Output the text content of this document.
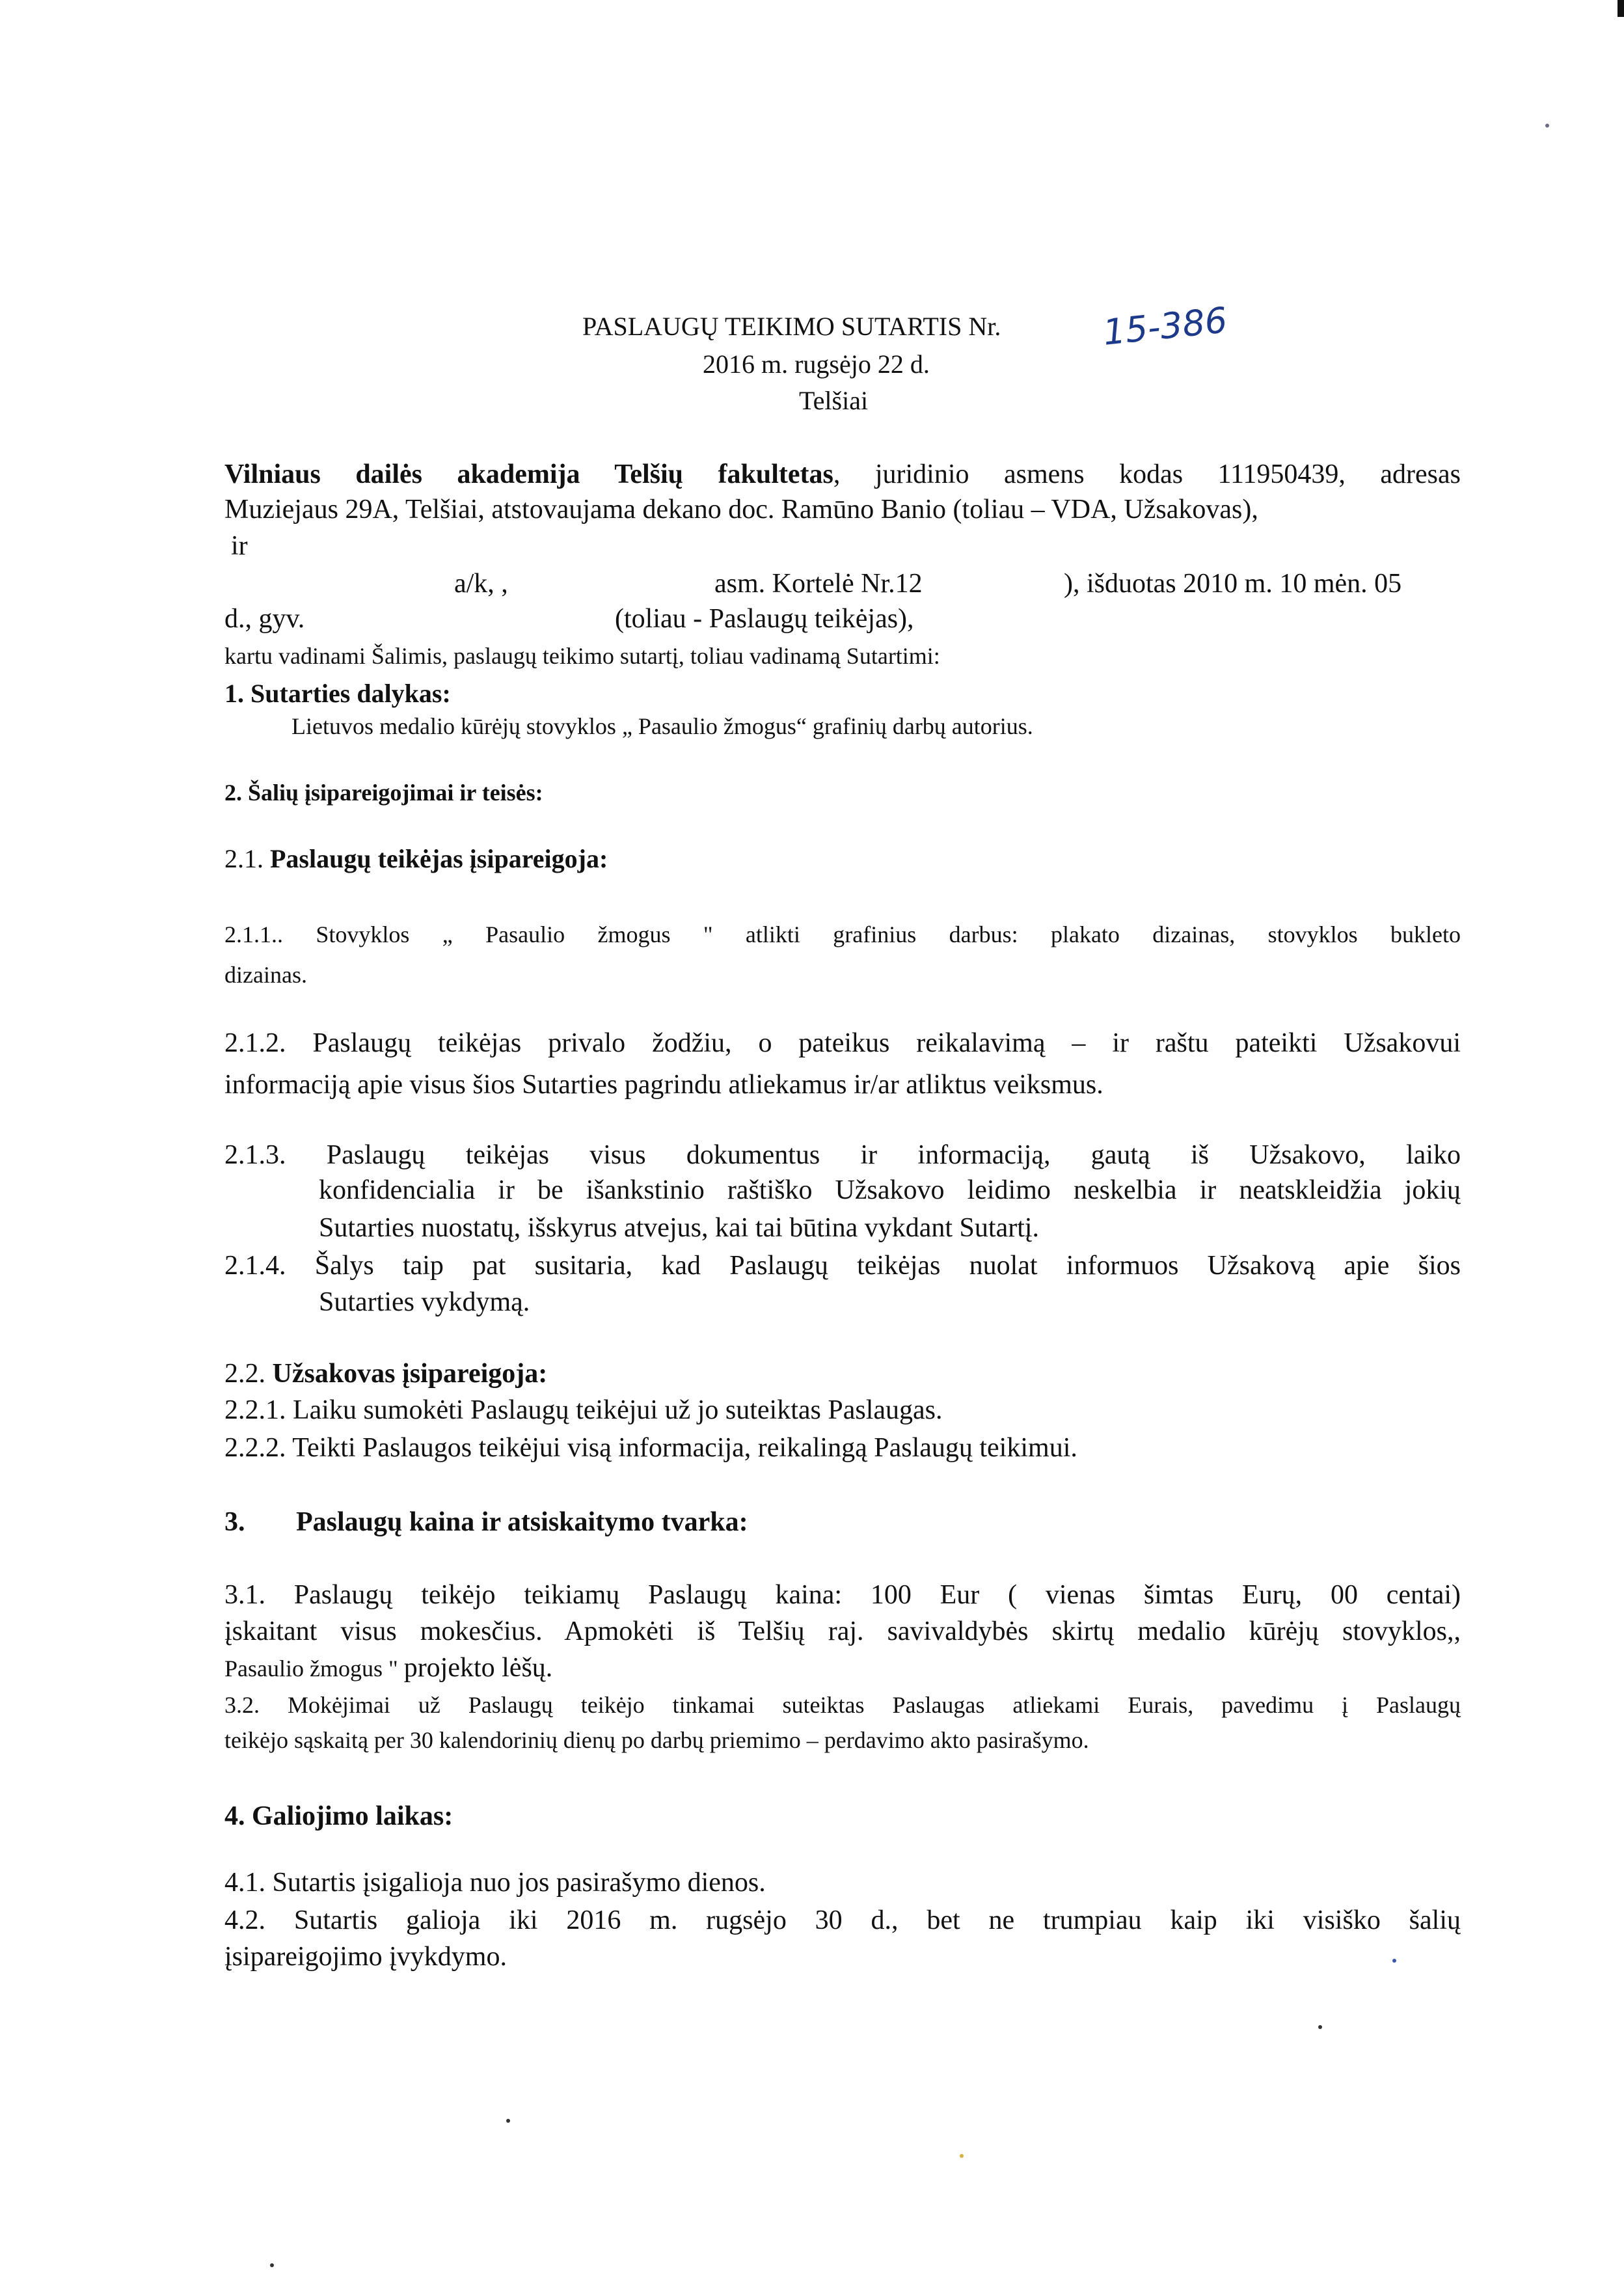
PASLAUGŲ TEIKIMO SUTARTIS Nr.	15-386
2016 m. rugsėjo 22 d.
Telšiai
Vilniaus dailės akademija Telšių fakultetas, juridinio asmens kodas 111950439, adresas
Muziejaus 29A, Telšiai, atstovaujama dekano doc. Ramūno Banio (toliau – VDA, Užsakovas),
ir
a/k, ,	asm. Kortelė Nr.12	), išduotas 2010 m. 10 mėn. 05
d., gyv.	(toliau - Paslaugų teikėjas),
kartu vadinami Šalimis, paslaugų teikimo sutartį, toliau vadinamą Sutartimi:
1. Sutarties dalykas:
Lietuvos medalio kūrėjų stovyklos „ Pasaulio žmogus“ grafinių darbų autorius.
2. Šalių įsipareigojimai ir teisės:
2.1. Paslaugų teikėjas įsipareigoja:
2.1.1.. Stovyklos „ Pasaulio žmogus " atlikti grafinius darbus: plakato dizainas, stovyklos bukleto
dizainas.
2.1.2. Paslaugų teikėjas privalo žodžiu, o pateikus reikalavimą – ir raštu pateikti Užsakovui
informaciją apie visus šios Sutarties pagrindu atliekamus ir/ar atliktus veiksmus.
2.1.3. Paslaugų teikėjas visus dokumentus ir informaciją, gautą iš Užsakovo, laiko
konfidencialia ir be išankstinio raštiško Užsakovo leidimo neskelbia ir neatskleidžia jokių
Sutarties nuostatų, išskyrus atvejus, kai tai būtina vykdant Sutartį.
2.1.4. Šalys taip pat susitaria, kad Paslaugų teikėjas nuolat informuos Užsakovą apie šios
Sutarties vykdymą.
2.2. Užsakovas įsipareigoja:
2.2.1. Laiku sumokėti Paslaugų teikėjui už jo suteiktas Paslaugas.
2.2.2. Teikti Paslaugos teikėjui visą informacija, reikalingą Paslaugų teikimui.
3. Paslaugų kaina ir atsiskaitymo tvarka:
3.1. Paslaugų teikėjo teikiamų Paslaugų kaina: 100 Eur ( vienas šimtas Eurų, 00 centai)
įskaitant visus mokesčius. Apmokėti iš Telšių raj. savivaldybės skirtų medalio kūrėjų stovyklos,,
Pasaulio žmogus " projekto lėšų.
3.2. Mokėjimai už Paslaugų teikėjo tinkamai suteiktas Paslaugas atliekami Eurais, pavedimu į Paslaugų
teikėjo sąskaitą per 30 kalendorinių dienų po darbų priemimo – perdavimo akto pasirašymo.
4. Galiojimo laikas:
4.1. Sutartis įsigalioja nuo jos pasirašymo dienos.
4.2. Sutartis galioja iki 2016 m. rugsėjo 30 d., bet ne trumpiau kaip iki visiško šalių
įsipareigojimo įvykdymo.
